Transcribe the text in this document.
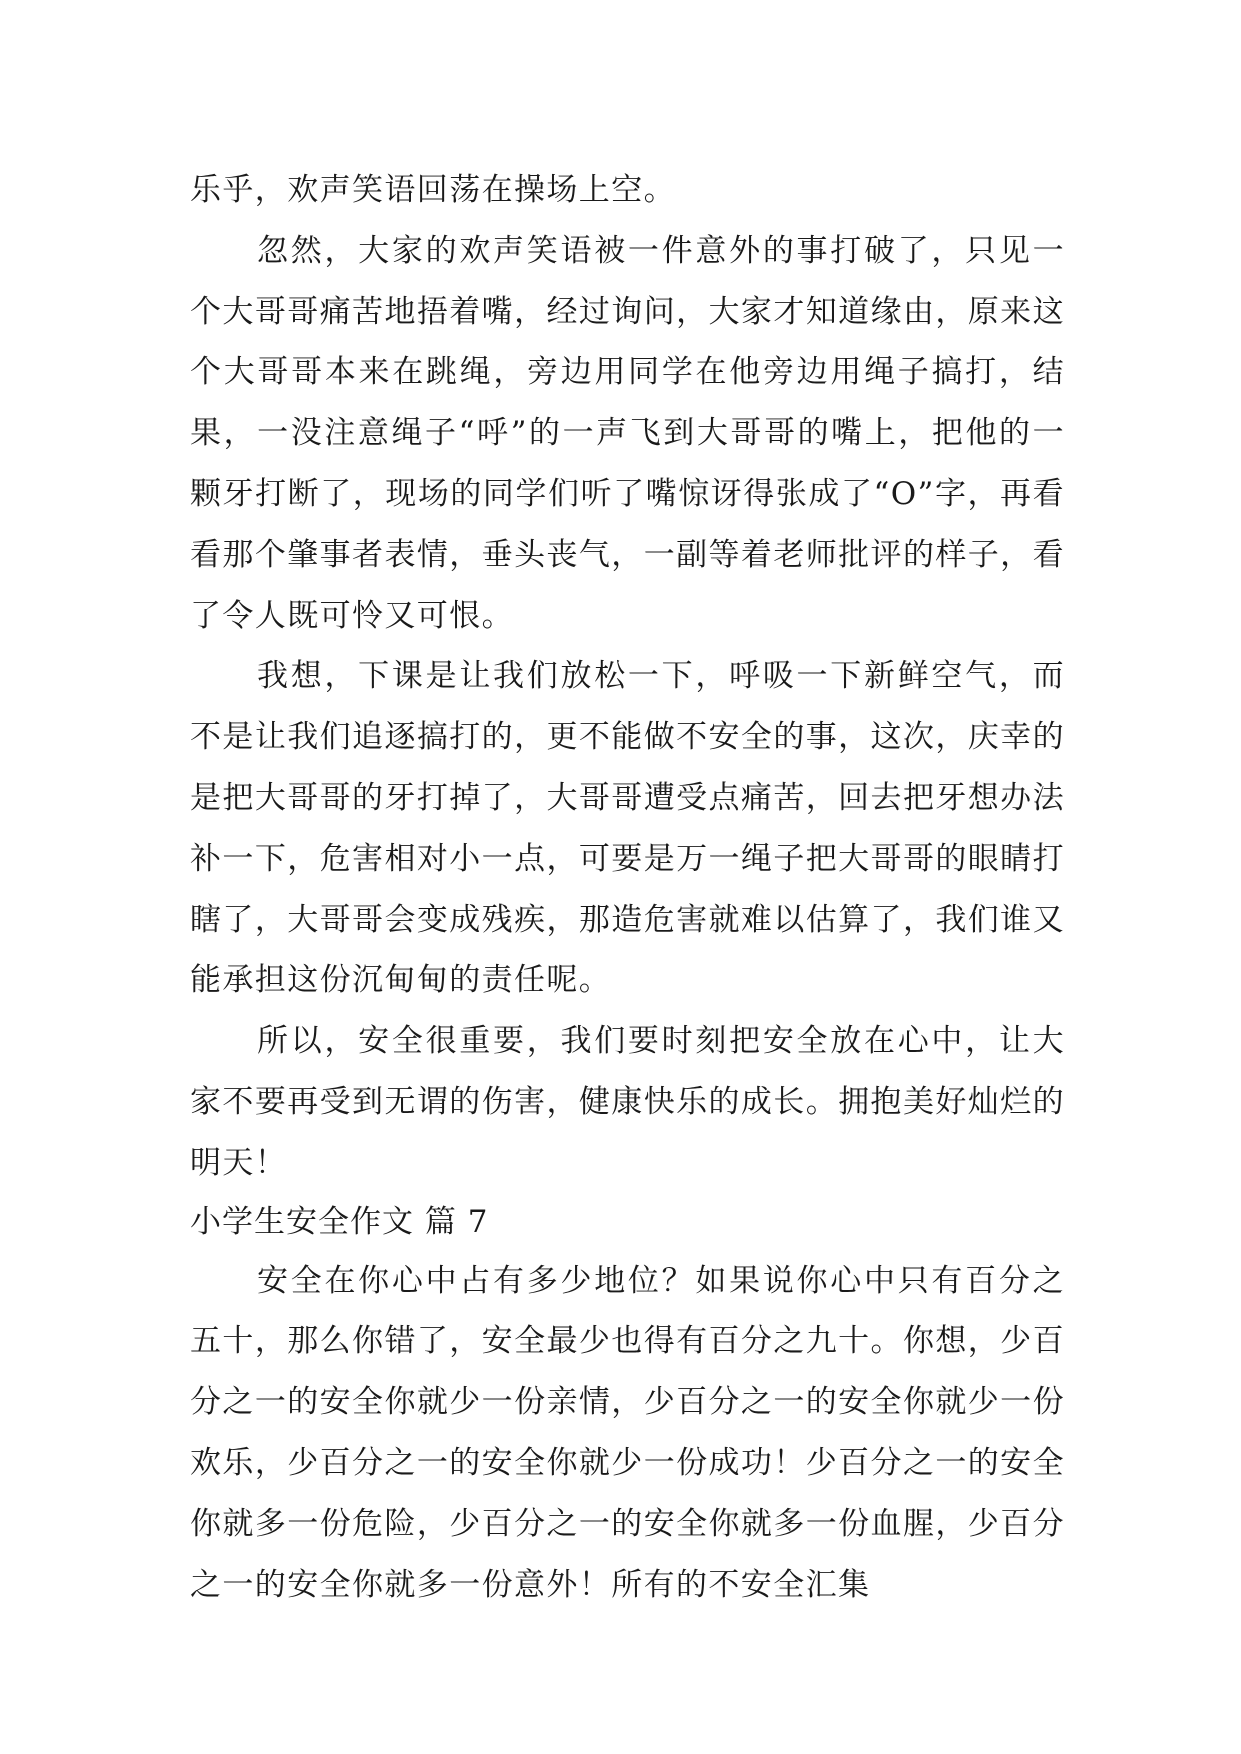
乐乎，欢声笑语回荡在操场上空。

忽然，大家的欢声笑语被一件意外的事打破了，只见一个大哥哥痛苦地捂着嘴，经过询问，大家才知道缘由，原来这个大哥哥本来在跳绳，旁边用同学在他旁边用绳子搞打，结果，一没注意绳子“呼”的一声飞到大哥哥的嘴上，把他的一颗牙打断了，现场的同学们听了嘴惊讶得张成了“O”字，再看看那个肇事者表情，垂头丧气，一副等着老师批评的样子，看了令人既可怜又可恨。

我想，下课是让我们放松一下，呼吸一下新鲜空气，而不是让我们追逐搞打的，更不能做不安全的事，这次，庆幸的是把大哥哥的牙打掉了，大哥哥遭受点痛苦，回去把牙想办法补一下，危害相对小一点，可要是万一绳子把大哥哥的眼睛打瞎了，大哥哥会变成残疾，那造危害就难以估算了，我们谁又能承担这份沉甸甸的责任呢。

所以，安全很重要，我们要时刻把安全放在心中，让大家不要再受到无谓的伤害，健康快乐的成长。拥抱美好灿烂的明天！

小学生安全作文 篇 7

安全在你心中占有多少地位？如果说你心中只有百分之五十，那么你错了，安全最少也得有百分之九十。你想，少百分之一的安全你就少一份亲情，少百分之一的安全你就少一份欢乐，少百分之一的安全你就少一份成功！少百分之一的安全你就多一份危险，少百分之一的安全你就多一份血腥，少百分之一的安全你就多一份意外！所有的不安全汇集
